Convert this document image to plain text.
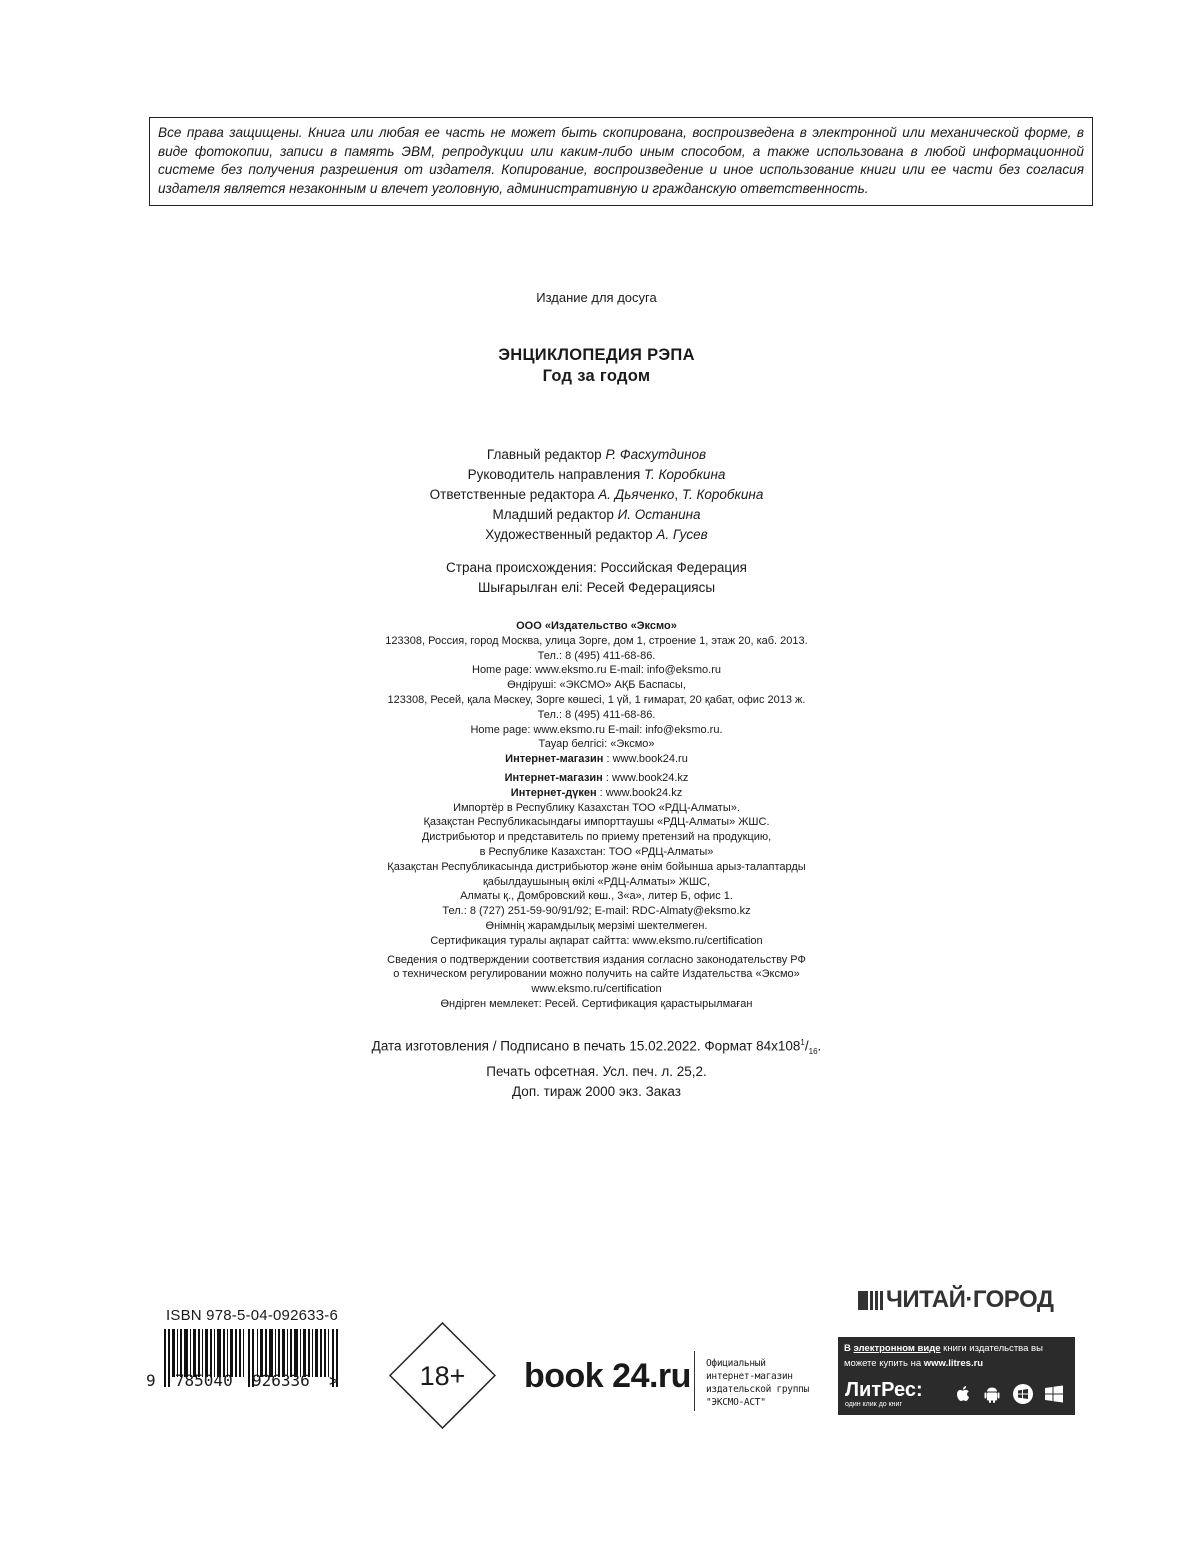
Все права защищены. Книга или любая ее часть не может быть скопирована, воспроизведена в электронной или механической форме, в виде фотокопии, записи в память ЭВМ, репродукции или каким-либо иным способом, а также использована в любой информационной системе без получения разрешения от издателя. Копирование, воспроизведение и иное использование книги или ее части без согласия издателя является незаконным и влечет уголовную, административную и гражданскую ответственность.
Издание для досуга
ЭНЦИКЛОПЕДИЯ РЭПА
Год за годом
Главный редактор Р. Фасхутдинов
Руководитель направления Т. Коробкина
Ответственные редактора А. Дьяченко, Т. Коробкина
Младший редактор И. Останина
Художественный редактор А. Гусев
Страна происхождения: Российская Федерация
Шығарылған елі: Ресей Федерациясы
ООО «Издательство «Эксмо»
123308, Россия, город Москва, улица Зорге, дом 1, строение 1, этаж 20, каб. 2013.
Тел.: 8 (495) 411-68-86.
Home page: www.eksmo.ru E-mail: info@eksmo.ru
Өндіруші: «ЭКСМО» АҚБ Баспасы,
123308, Ресей, қала Мәскеу, Зорге көшесі, 1 үй, 1 ғимарат, 20 қабат, офис 2013 ж.
Тел.: 8 (495) 411-68-86.
Home page: www.eksmo.ru E-mail: info@eksmo.ru.
Тауар белгісі: «Эксмо»
Интернет-магазин : www.book24.ru
Интернет-магазин : www.book24.kz
Интернет-дүкен : www.book24.kz
Импортёр в Республику Казахстан ТОО «РДЦ-Алматы».
Қазақстан Республикасындағы импорттаушы «РДЦ-Алматы» ЖШС.
Дистрибьютор и представитель по приему претензий на продукцию,
в Республике Казахстан: ТОО «РДЦ-Алматы»
Қазақстан Республикасында дистрибьютор және өнім бойынша арыз-талаптарды
қабылдаушының өкілі «РДЦ-Алматы» ЖШС,
Алматы қ., Домбровский көш., 3«а», литер Б, офис 1.
Тел.: 8 (727) 251-59-90/91/92; E-mail: RDC-Almaty@eksmo.kz
Өнімнің жарамдылық мерзімі шектелмеген.
Сертификация туралы ақпарат сайтта: www.eksmo.ru/certification
Сведения о подтверждении соответствия издания согласно законодательству РФ
о техническом регулировании можно получить на сайте Издательства «Эксмо»
www.eksmo.ru/certification
Өндірген мемлекет: Ресей. Сертификация қарастырылмаған
Дата изготовления / Подписано в печать 15.02.2022. Формат $84х108^1/_{16}$.
Печать офсетная. Усл. печ. л. 25,2.
Доп. тираж 2000 экз. Заказ
ЧИТАЙ·ГОРОД
ISBN 978-5-04-092633-6
9  785040  926336  >	18+	book 24.ru Официальный
интернет-магазин
издательской группы
"ЭКСМО-АСТ"
В электронном виде книги издательства вы можете купить на www.litres.ru
ЛитРес:
один клик до книг
